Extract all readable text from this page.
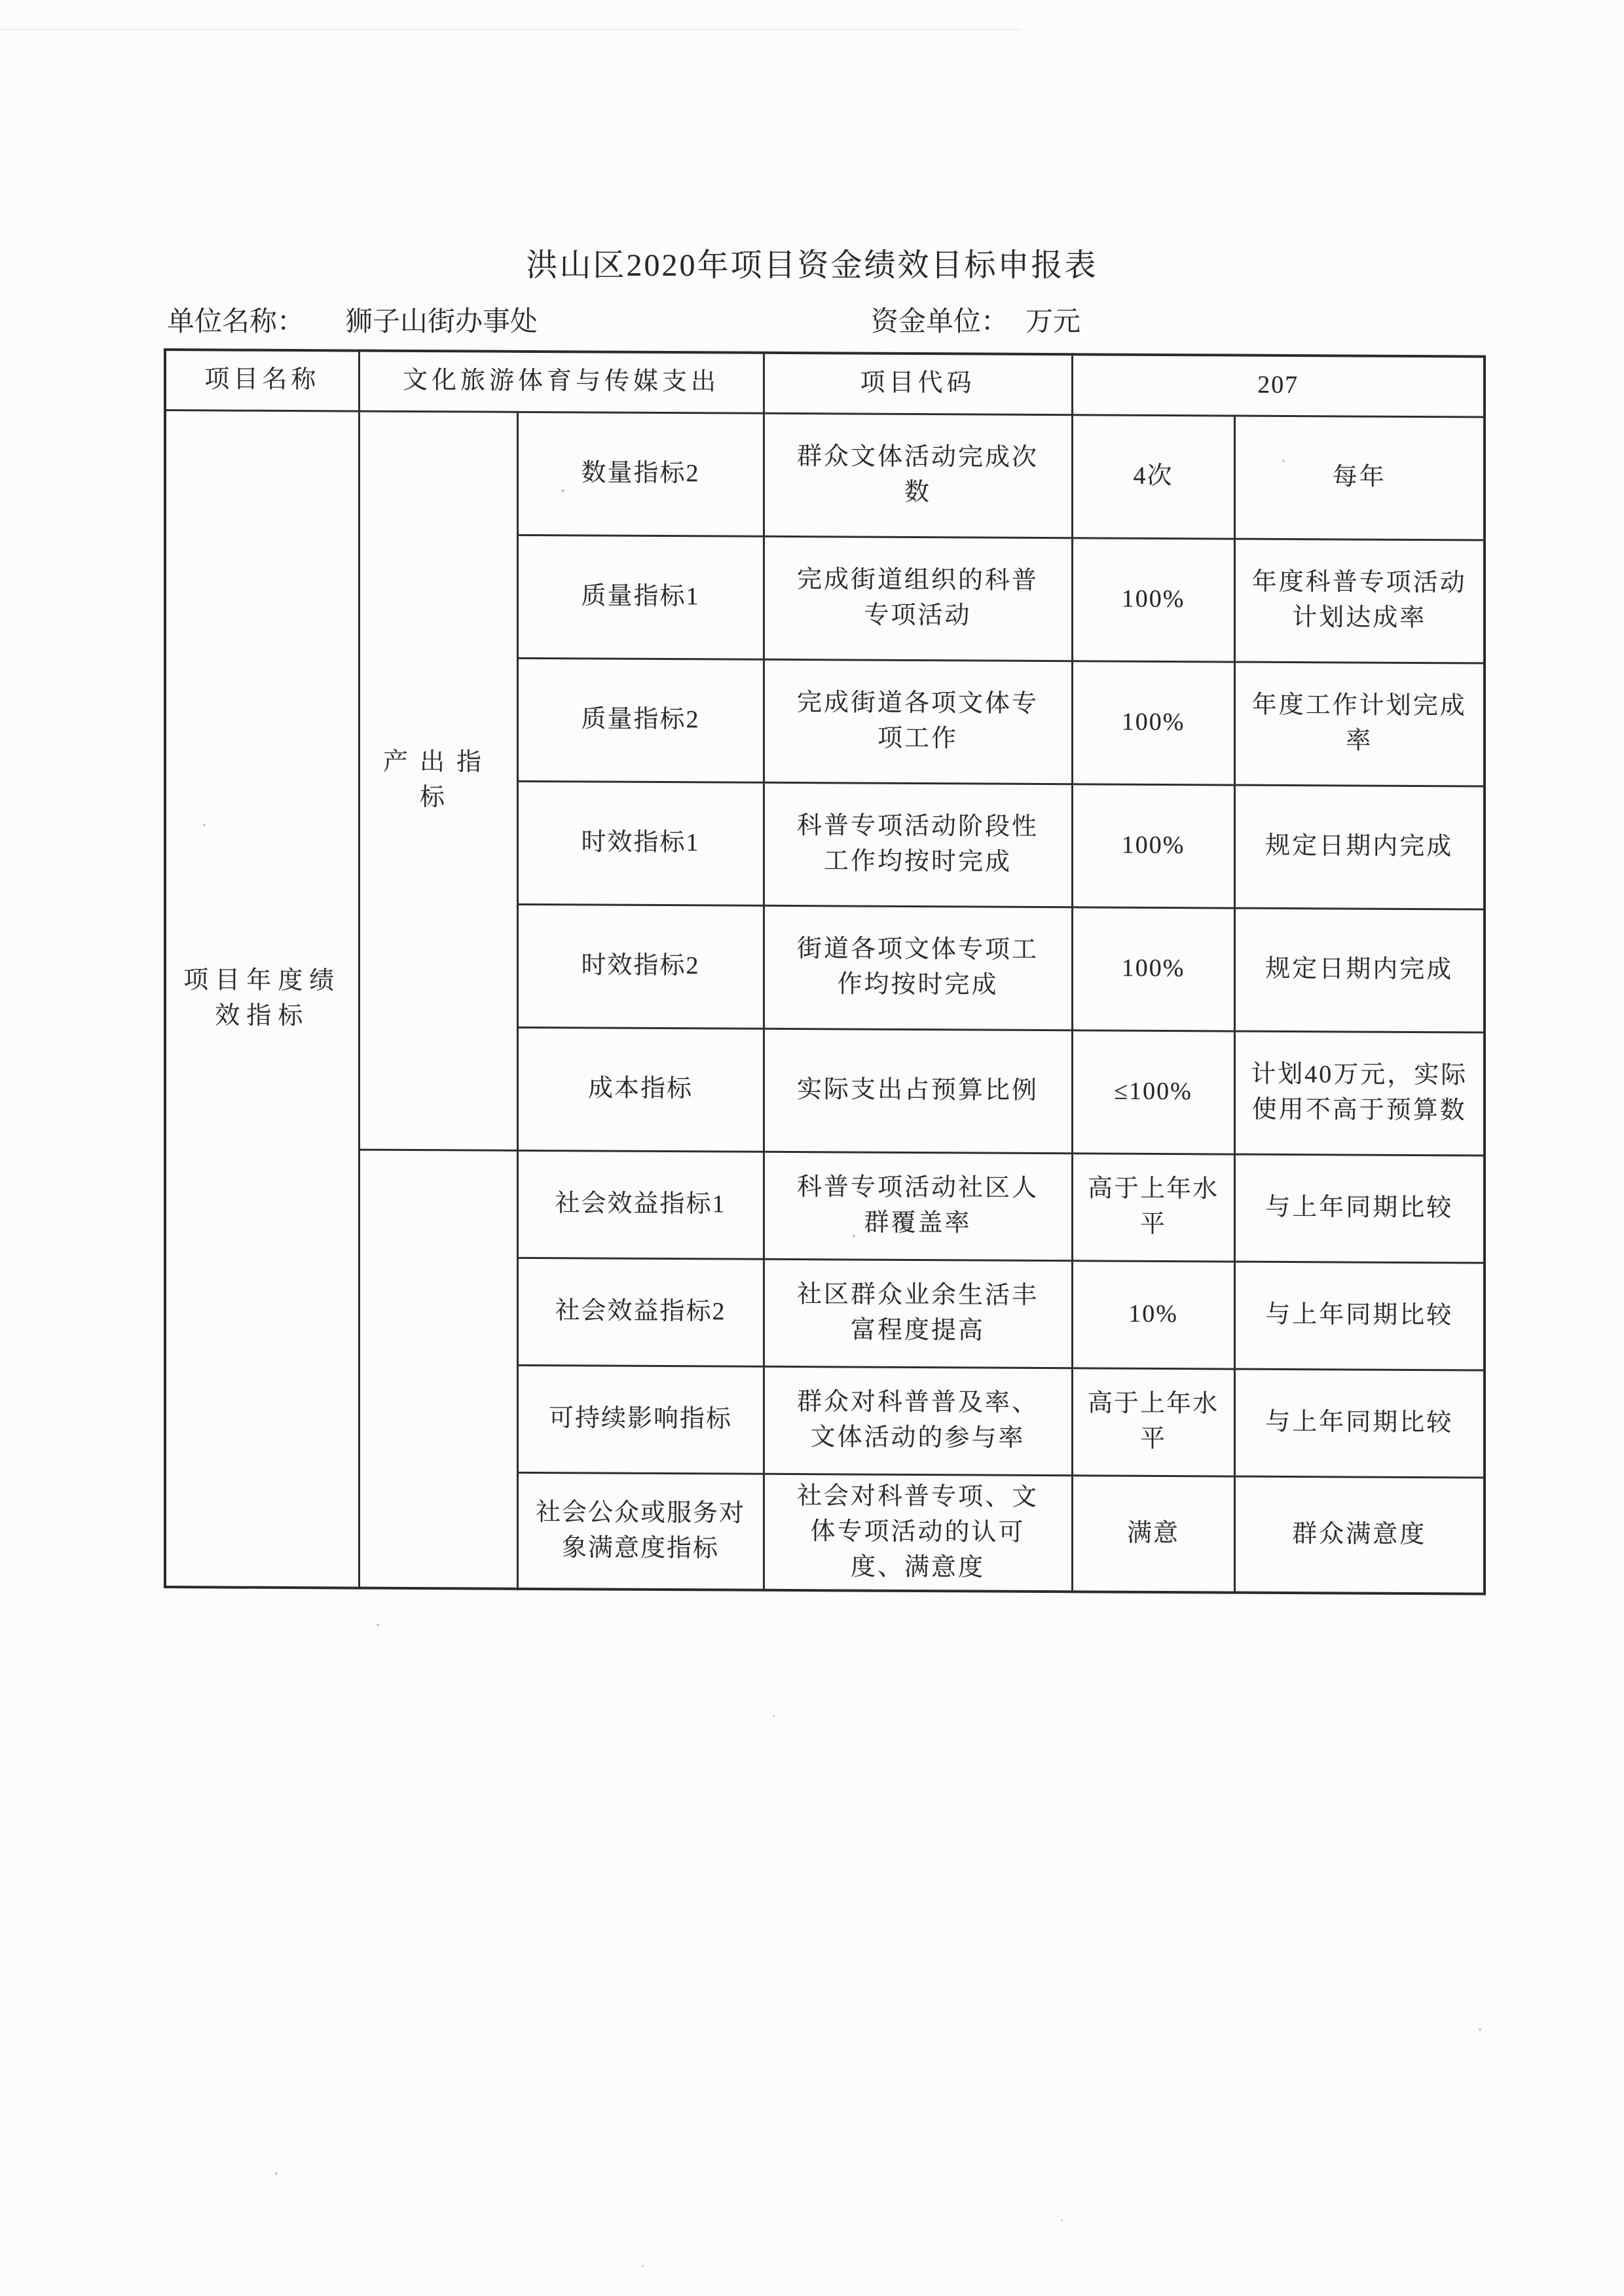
洪山区2020年项目资金绩效目标申报表
单位名称： 狮子山街办事处	资金单位： 万元
项目名称	文化旅游体育与传媒支出		项目代码	207	
项目年度绩效指标	产出指标	数量指标2	群众文体活动完成次数	4次	每年
		质量指标1	完成街道组织的科普专项活动	100%	年度科普专项活动计划达成率
		质量指标2	完成街道各项文体专项工作	100%	年度工作计划完成率
		时效指标1	科普专项活动阶段性工作均按时完成	100%	规定日期内完成
		时效指标2	街道各项文体专项工作均按时完成	100%	规定日期内完成
		成本指标	实际支出占预算比例	≤100%	计划40万元，实际使用不高于预算数
		社会效益指标1	科普专项活动社区人群覆盖率	高于上年水平	与上年同期比较
		社会效益指标2	社区群众业余生活丰富程度提高	10%	与上年同期比较
		可持续影响指标	群众对科普普及率、文体活动的参与率	高于上年水平	与上年同期比较
		社会公众或服务对象满意度指标	社会对科普专项、文体专项活动的认可度、满意度	满意	群众满意度
